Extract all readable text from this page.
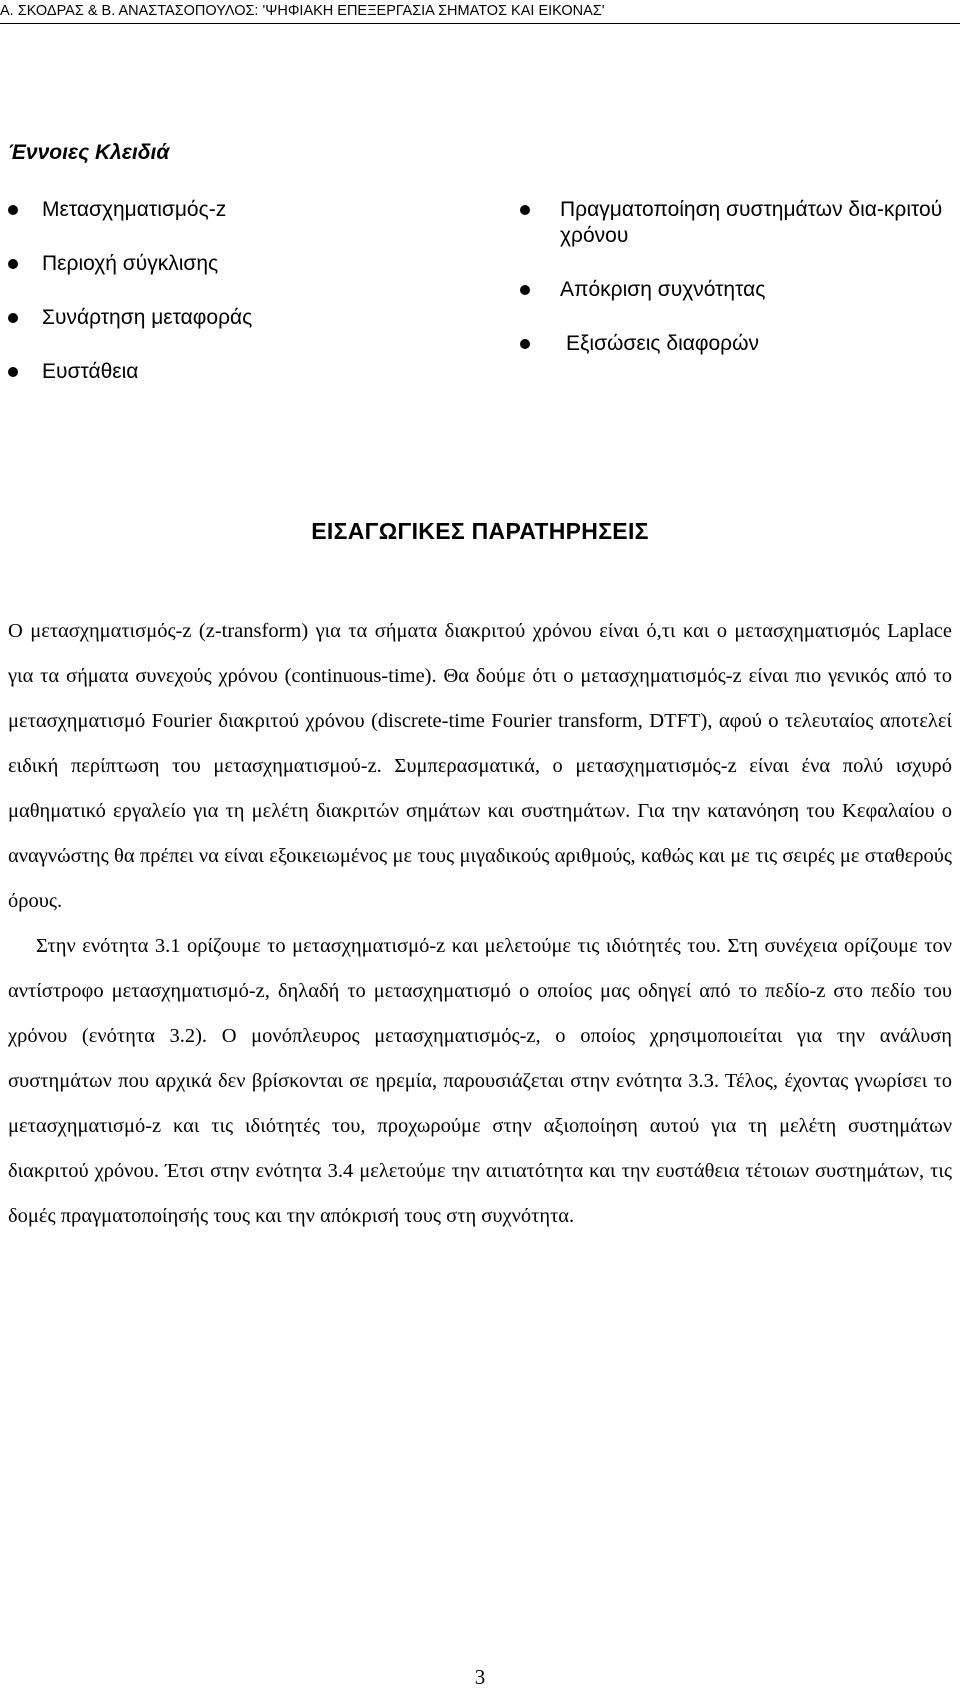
Α. ΣΚΟΔΡΑΣ & Β. ΑΝΑΣΤΑΣΟΠΟΥΛΟΣ: 'ΨΗΦΙΑΚΗ ΕΠΕΞΕΡΓΑΣΙΑ ΣΗΜΑΤΟΣ ΚΑΙ ΕΙΚΟΝΑΣ'
Έννοιες Κλειδιά
Μετασχηματισμός-z
Περιοχή σύγκλισης
Συνάρτηση μεταφοράς
Ευστάθεια
Πραγματοποίηση συστημάτων δια-κριτού χρόνου
Απόκριση συχνότητας
Εξισώσεις διαφορών
ΕΙΣΑΓΩΓΙΚΕΣ ΠΑΡΑΤΗΡΗΣΕΙΣ

Ο μετασχηματισμός-z (z-transform) για τα σήματα διακριτού χρόνου είναι ό,τι και ο μετασχηματισμός Laplace για τα σήματα συνεχούς χρόνου (continuous-time). Θα δούμε ότι ο μετασχηματισμός-z είναι πιο γενικός από το μετασχηματισμό Fourier διακριτού χρόνου (discrete-time Fourier transform, DTFT), αφού ο τελευταίος αποτελεί ειδική περίπτωση του μετασχηματισμού-z. Συμπερασματικά, ο μετασχηματισμός-z είναι ένα πολύ ισχυρό μαθηματικό εργαλείο για τη μελέτη διακριτών σημάτων και συστημάτων. Για την κατανόηση του Κεφαλαίου ο αναγνώστης θα πρέπει να είναι εξοικειωμένος με τους μιγαδικούς αριθμούς, καθώς και με τις σειρές με σταθερούς όρους.

Στην ενότητα 3.1 ορίζουμε το μετασχηματισμό-z και μελετούμε τις ιδιότητές του. Στη συνέχεια ορίζουμε τον αντίστροφο μετασχηματισμό-z, δηλαδή το μετασχηματισμό ο οποίος μας οδηγεί από το πεδίο-z στο πεδίο του χρόνου (ενότητα 3.2). Ο μονόπλευρος μετασχηματισμός-z, ο οποίος χρησιμοποιείται για την ανάλυση συστημάτων που αρχικά δεν βρίσκονται σε ηρεμία, παρουσιάζεται στην ενότητα 3.3. Τέλος, έχοντας γνωρίσει το μετασχηματισμό-z και τις ιδιότητές του, προχωρούμε στην αξιοποίηση αυτού για τη μελέτη συστημάτων διακριτού χρόνου. Έτσι στην ενότητα 3.4 μελετούμε την αιτιατότητα και την ευστάθεια τέτοιων συστημάτων, τις δομές πραγματοποίησής τους και την απόκρισή τους στη συχνότητα.

3
